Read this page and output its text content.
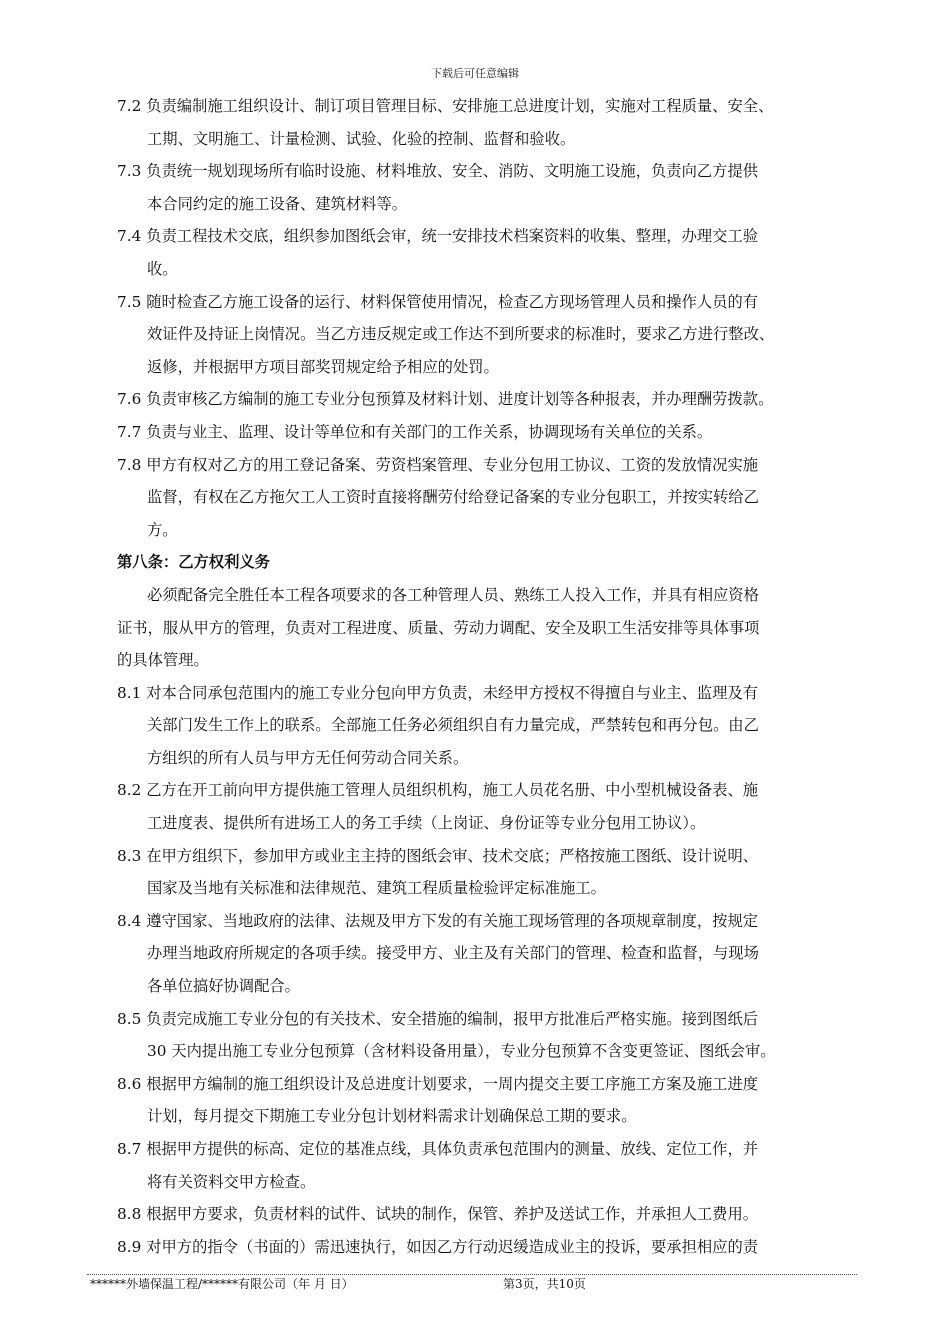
下载后可任意编辑
7.2 负责编制施工组织设计、制订项目管理目标、安排施工总进度计划，实施对工程质量、安全、
工期、文明施工、计量检测、试验、化验的控制、监督和验收。
7.3 负责统一规划现场所有临时设施、材料堆放、安全、消防、文明施工设施，负责向乙方提供
本合同约定的施工设备、建筑材料等。
7.4 负责工程技术交底，组织参加图纸会审，统一安排技术档案资料的收集、整理，办理交工验
收。
7.5 随时检查乙方施工设备的运行、材料保管使用情况，检查乙方现场管理人员和操作人员的有
效证件及持证上岗情况。当乙方违反规定或工作达不到所要求的标准时，要求乙方进行整改、
返修，并根据甲方项目部奖罚规定给予相应的处罚。
7.6 负责审核乙方编制的施工专业分包预算及材料计划、进度计划等各种报表，并办理酬劳拨款。
7.7 负责与业主、监理、设计等单位和有关部门的工作关系，协调现场有关单位的关系。
7.8 甲方有权对乙方的用工登记备案、劳资档案管理、专业分包用工协议、工资的发放情况实施
监督，有权在乙方拖欠工人工资时直接将酬劳付给登记备案的专业分包职工，并按实转给乙
方。
第八条：乙方权利义务
必须配备完全胜任本工程各项要求的各工种管理人员、熟练工人投入工作，并具有相应资格
证书，服从甲方的管理，负责对工程进度、质量、劳动力调配、安全及职工生活安排等具体事项
的具体管理。
8.1 对本合同承包范围内的施工专业分包向甲方负责，未经甲方授权不得擅自与业主、监理及有
关部门发生工作上的联系。全部施工任务必须组织自有力量完成，严禁转包和再分包。由乙
方组织的所有人员与甲方无任何劳动合同关系。
8.2 乙方在开工前向甲方提供施工管理人员组织机构，施工人员花名册、中小型机械设备表、施
工进度表、提供所有进场工人的务工手续（上岗证、身份证等专业分包用工协议）。
8.3 在甲方组织下，参加甲方或业主主持的图纸会审、技术交底；严格按施工图纸、设计说明、
国家及当地有关标准和法律规范、建筑工程质量检验评定标准施工。
8.4 遵守国家、当地政府的法律、法规及甲方下发的有关施工现场管理的各项规章制度，按规定
办理当地政府所规定的各项手续。接受甲方、业主及有关部门的管理、检查和监督，与现场
各单位搞好协调配合。
8.5 负责完成施工专业分包的有关技术、安全措施的编制，报甲方批准后严格实施。接到图纸后
30 天内提出施工专业分包预算（含材料设备用量），专业分包预算不含变更签证、图纸会审。
8.6 根据甲方编制的施工组织设计及总进度计划要求，一周内提交主要工序施工方案及施工进度
计划，每月提交下期施工专业分包计划材料需求计划确保总工期的要求。
8.7 根据甲方提供的标高、定位的基准点线，具体负责承包范围内的测量、放线、定位工作，并
将有关资料交甲方检查。
8.8 根据甲方要求，负责材料的试件、试块的制作，保管、养护及送试工作，并承担人工费用。
8.9 对甲方的指令（书面的）需迅速执行，如因乙方行动迟缓造成业主的投诉，要承担相应的责
******外墙保温工程/******有限公司（年 月 日）	第3页，共10页
